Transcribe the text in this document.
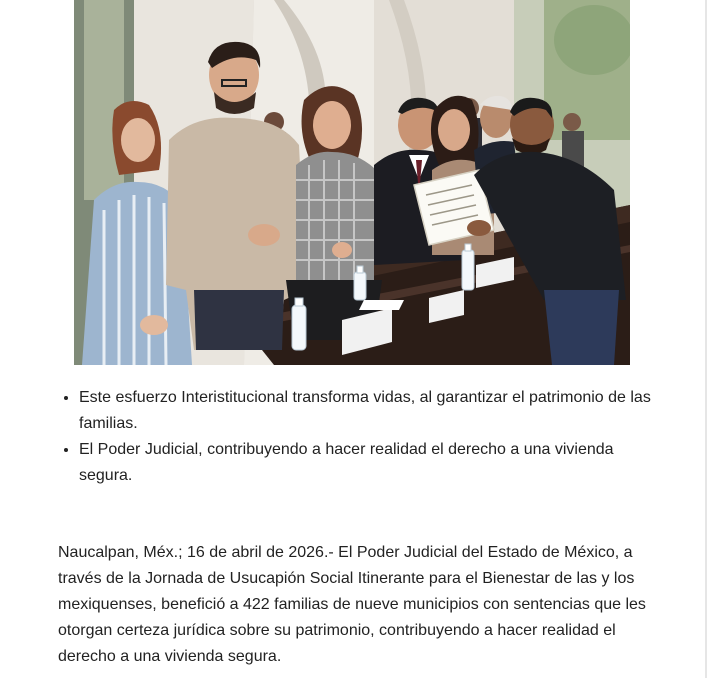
• Este esfuerzo Interistitucional transforma vidas, al garantizar el patrimonio de las familias.
• El Poder Judicial, contribuyendo a hacer realidad el derecho a una vivienda segura.

Naucalpan, Méx.; 16 de abril de 2026.- El Poder Judicial del Estado de México, a través de la Jornada de Usucapión Social Itinerante para el Bienestar de las y los mexiquenses, benefició a 422 familias de nueve municipios con sentencias que les otorgan certeza jurídica sobre su patrimonio, contribuyendo a hacer realidad el derecho a una vivienda segura.
